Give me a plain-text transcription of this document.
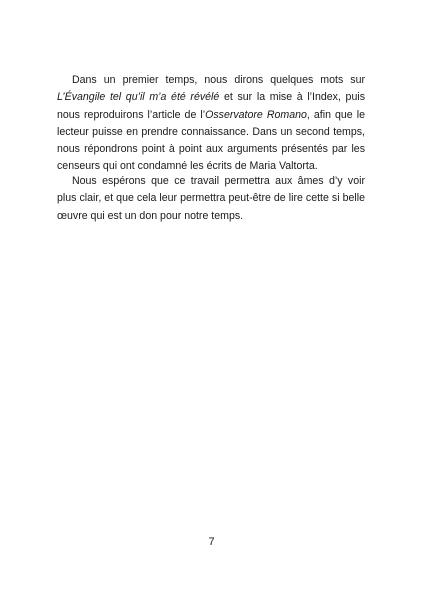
Dans un premier temps, nous dirons quelques mots sur L’Évangile tel qu’il m’a été révélé et sur la mise à l’Index, puis nous reproduirons l’article de l’Osservatore Romano, afin que le lecteur puisse en prendre connaissance. Dans un second temps, nous répondrons point à point aux arguments présentés par les censeurs qui ont condamné les écrits de Maria Valtorta.

Nous espérons que ce travail permettra aux âmes d’y voir plus clair, et que cela leur permettra peut-être de lire cette si belle œuvre qui est un don pour notre temps.

7
